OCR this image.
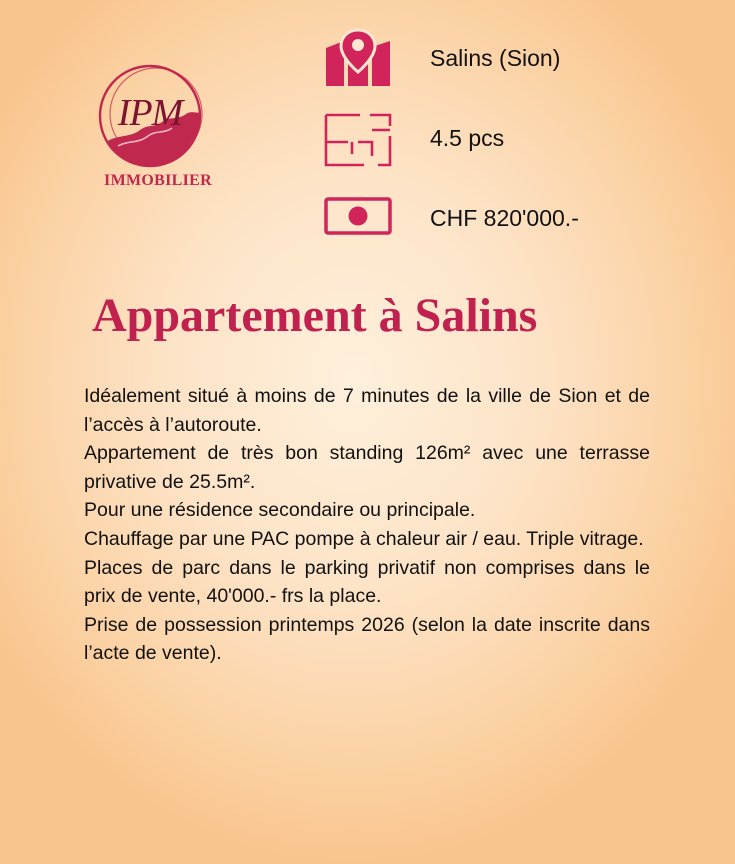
IPM
IMMOBILIER
Salins (Sion)
4.5 pcs
CHF 820'000.-
Appartement à Salins

Idéalement situé à moins de 7 minutes de la ville de Sion et de l’accès à l’autoroute.

Appartement de très bon standing 126m² avec une terrasse privative de 25.5m².

Pour une résidence secondaire ou principale.

Chauffage par une PAC pompe à chaleur air / eau. Triple vitrage.

Places de parc dans le parking privatif non comprises dans le prix de vente, 40'000.- frs la place.

Prise de possession printemps 2026 (selon la date inscrite dans l’acte de vente).
